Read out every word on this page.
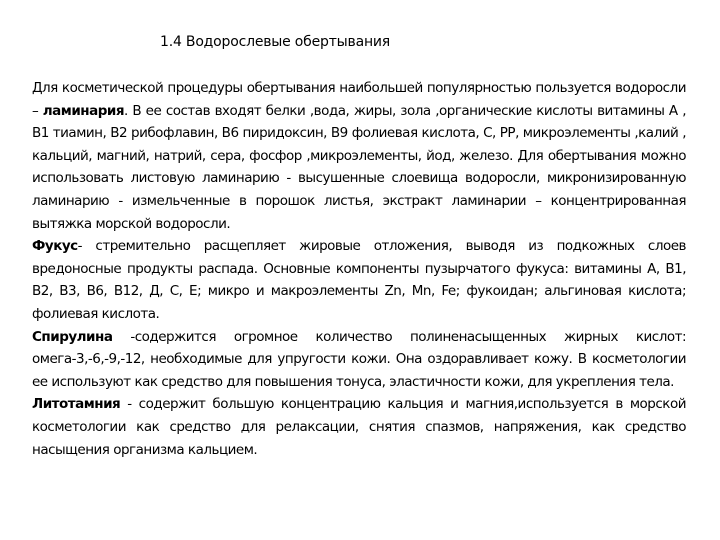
1.4 Водорослевые обертывания

Для косметической процедуры обертывания наибольшей популярностью пользуется водоросли – ламинария. В ее состав входят белки ,вода, жиры, зола ,органические кислоты витамины А , В1 тиамин, В2 рибофлавин, В6 пиридоксин, В9 фолиевая кислота, С, РР, микроэлементы ,калий , кальций, магний, натрий, сера, фосфор ,микроэлементы, йод, железо. Для обертывания можно использовать листовую ламинарию - высушенные слоевища водоросли, микронизированную ламинарию - измельченные в порошок листья, экстракт ламинарии – концентрированная вытяжка морской водоросли.

Фукус- стремительно расщепляет жировые отложения, выводя из подкожных слоев вредоносные продукты распада. Основные компоненты пузырчатого фукуса: витамины А, В1, В2, В3, В6, В12, Д, С, Е; микро и макроэлементы Zn, Mn, Fe; фукоидан; альгиновая кислота; фолиевая кислота.

Спирулина -содержится огромное количество полиненасыщенных жирных кислот: омега-3,-6,-9,-12, необходимые для упругости кожи. Она оздоравливает кожу. В косметологии ее используют как средство для повышения тонуса, эластичности кожи, для укрепления тела.

Литотамния - содержит большую концентрацию кальция и магния,используется в морской косметологии как средство для релаксации, снятия спазмов, напряжения, как средство насыщения организма кальцием.
